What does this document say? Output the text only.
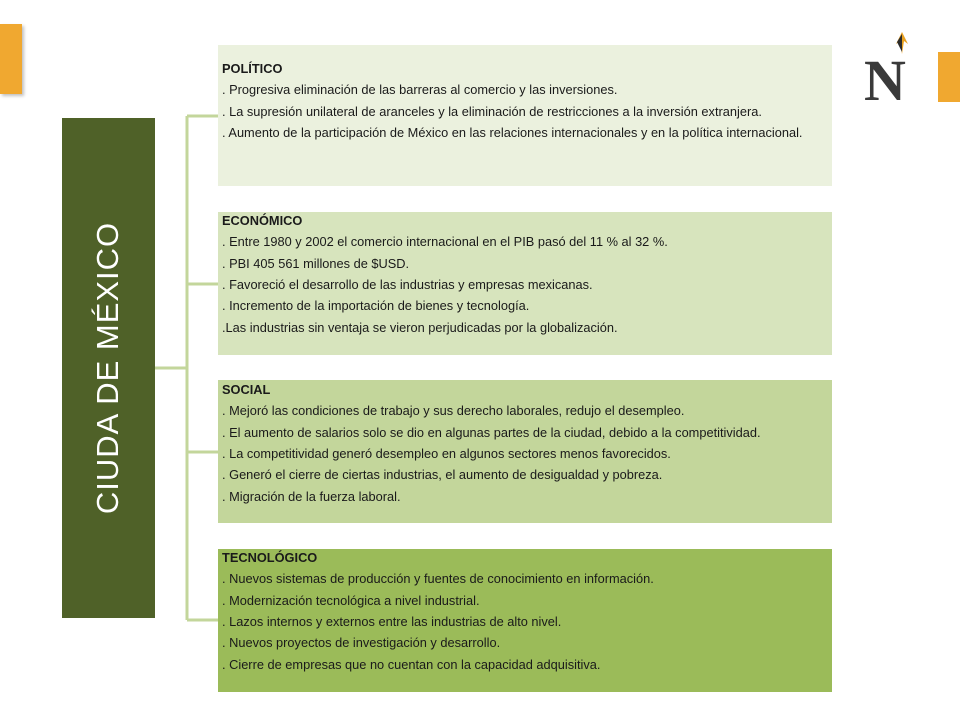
N
CIUDA DE MÉXICO
POLÍTICO
. Progresiva eliminación de las barreras al comercio y las inversiones.
. La supresión unilateral de aranceles y la eliminación de restricciones a la inversión extranjera.
. Aumento de la participación de México en las relaciones internacionales y en la política internacional.
ECONÓMICO
. Entre 1980 y 2002 el comercio internacional en el PIB pasó del 11 % al 32 %.
. PBI 405 561 millones de $USD.
. Favoreció el desarrollo de las industrias y empresas mexicanas.
. Incremento de la importación de bienes y tecnología.
.Las industrias sin ventaja se vieron perjudicadas por la globalización.
SOCIAL
. Mejoró las condiciones de trabajo y sus derecho laborales, redujo el desempleo.
. El aumento de salarios solo se dio en algunas partes de la ciudad, debido a la competitividad.
. La competitividad generó desempleo en algunos sectores menos favorecidos.
. Generó el cierre de ciertas industrias, el aumento de desigualdad y pobreza.
. Migración de la fuerza laboral.
TECNOLÓGICO
. Nuevos sistemas de producción y fuentes de conocimiento en información.
. Modernización tecnológica a nivel industrial.
. Lazos internos y externos entre las industrias de alto nivel.
. Nuevos proyectos de investigación y desarrollo.
. Cierre de empresas que no cuentan con la capacidad adquisitiva.
